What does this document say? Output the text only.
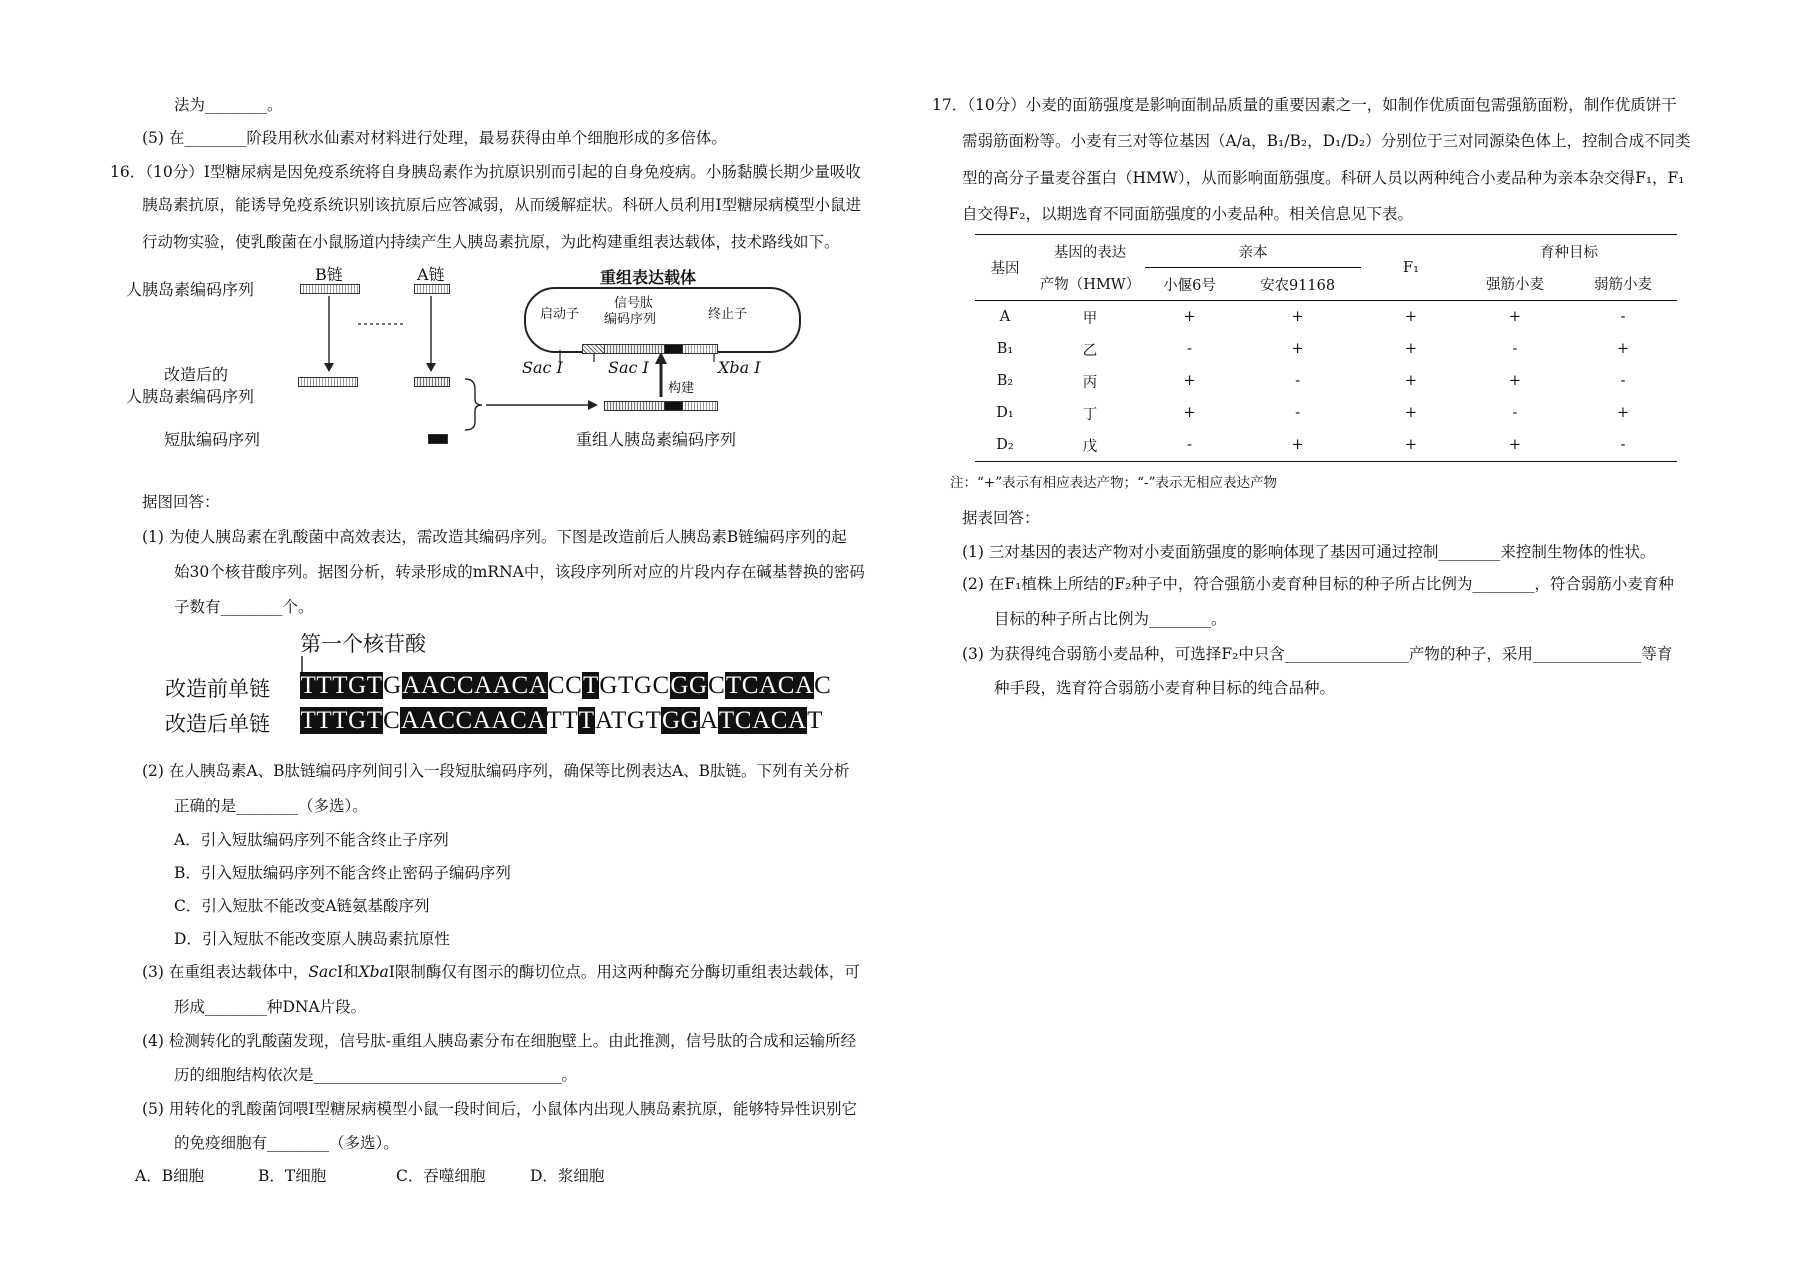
法为________。
(5) 在________阶段用秋水仙素对材料进行处理，最易获得由单个细胞形成的多倍体。
16．（10分）I型糖尿病是因免疫系统将自身胰岛素作为抗原识别而引起的自身免疫病。小肠黏膜长期少量吸收
胰岛素抗原，能诱导免疫系统识别该抗原后应答减弱，从而缓解症状。科研人员利用I型糖尿病模型小鼠进
行动物实验，使乳酸菌在小鼠肠道内持续产生人胰岛素抗原，为此构建重组表达载体，技术路线如下。
B链	A链	重组表达载体
人胰岛素编码序列
启动子
信号肽
编码序列	终止子
Sac I	Sac I	Xba I
改造后的
人胰岛素编码序列	构建
短肽编码序列	重组人胰岛素编码序列
据图回答：
(1) 为使人胰岛素在乳酸菌中高效表达，需改造其编码序列。下图是改造前后人胰岛素B链编码序列的起
始30个核苷酸序列。据图分析，转录形成的mRNA中，该段序列所对应的片段内存在碱基替换的密码
子数有________个。
第一个核苷酸
改造前单链 TTTGTGAACCAACACCTGTGCGGCTCACAC
改造后单链 TTTGTCAACCAACATTTATGTGGATCACAT
(2) 在人胰岛素A、B肽链编码序列间引入一段短肽编码序列，确保等比例表达A、B肽链。下列有关分析
正确的是________（多选）。
A．引入短肽编码序列不能含终止子序列
B．引入短肽编码序列不能含终止密码子编码序列
C．引入短肽不能改变A链氨基酸序列
D．引入短肽不能改变原人胰岛素抗原性
(3) 在重组表达载体中，SacI和XbaI限制酶仅有图示的酶切位点。用这两种酶充分酶切重组表达载体，可
形成________种DNA片段。
(4) 检测转化的乳酸菌发现，信号肽-重组人胰岛素分布在细胞壁上。由此推测，信号肽的合成和运输所经
历的细胞结构依次是________________________________。
(5) 用转化的乳酸菌饲喂I型糖尿病模型小鼠一段时间后，小鼠体内出现人胰岛素抗原，能够特异性识别它
的免疫细胞有________（多选）。
A．B细胞	B．T细胞	C．吞噬细胞	D．浆细胞
17．（10分）小麦的面筋强度是影响面制品质量的重要因素之一，如制作优质面包需强筋面粉，制作优质饼干
需弱筋面粉等。小麦有三对等位基因（A/a，B₁/B₂，D₁/D₂）分别位于三对同源染色体上，控制合成不同类
型的高分子量麦谷蛋白（HMW），从而影响面筋强度。科研人员以两种纯合小麦品种为亲本杂交得F₁，F₁
自交得F₂，以期选育不同面筋强度的小麦品种。相关信息见下表。
基因	基因的表达	亲本		F₁	育种目标	
	产物（HMW）	小偃6号	安农91168		强筋小麦	弱筋小麦
A	甲	+	+	+	+	-
B₁	乙	-	+	+	-	+
B₂	丙	+	-	+	+	-
D₁	丁	+	-	+	-	+
D₂	戊	-	+	+	+	-
注：“+”表示有相应表达产物；“-”表示无相应表达产物
据表回答：
(1) 三对基因的表达产物对小麦面筋强度的影响体现了基因可通过控制________来控制生物体的性状。
(2) 在F₁植株上所结的F₂种子中，符合强筋小麦育种目标的种子所占比例为________，符合弱筋小麦育种
目标的种子所占比例为________。
(3) 为获得纯合弱筋小麦品种，可选择F₂中只含________________产物的种子，采用______________等育
种手段，选育符合弱筋小麦育种目标的纯合品种。
